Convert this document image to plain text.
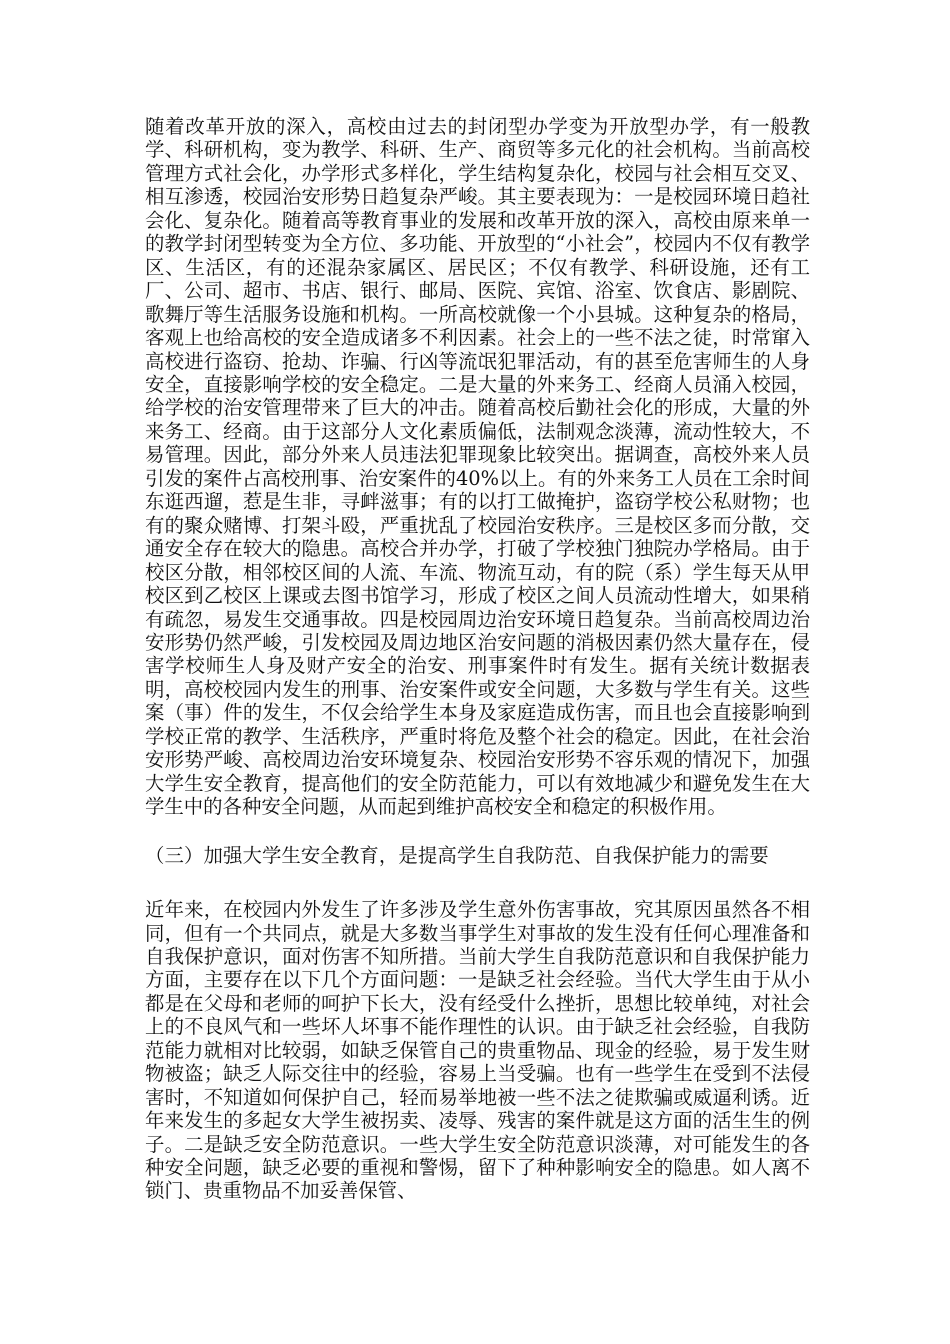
随着改革开放的深入，高校由过去的封闭型办学变为开放型办学，有一般教学、科研机构，变为教学、科研、生产、商贸等多元化的社会机构。当前高校管理方式社会化，办学形式多样化，学生结构复杂化，校园与社会相互交叉、相互渗透，校园治安形势日趋复杂严峻。其主要表现为：一是校园环境日趋社会化、复杂化。随着高等教育事业的发展和改革开放的深入，高校由原来单一的教学封闭型转变为全方位、多功能、开放型的“小社会”，校园内不仅有教学区、生活区，有的还混杂家属区、居民区；不仅有教学、科研设施，还有工厂、公司、超市、书店、银行、邮局、医院、宾馆、浴室、饮食店、影剧院、歌舞厅等生活服务设施和机构。一所高校就像一个小县城。这种复杂的格局，客观上也给高校的安全造成诸多不利因素。社会上的一些不法之徒，时常窜入高校进行盗窃、抢劫、诈骗、行凶等流氓犯罪活动，有的甚至危害师生的人身安全，直接影响学校的安全稳定。二是大量的外来务工、经商人员涌入校园，给学校的治安管理带来了巨大的冲击。随着高校后勤社会化的形成，大量的外来务工、经商。由于这部分人文化素质偏低，法制观念淡薄，流动性较大，不易管理。因此，部分外来人员违法犯罪现象比较突出。据调查，高校外来人员引发的案件占高校刑事、治安案件的40%以上。有的外来务工人员在工余时间东逛西遛，惹是生非，寻衅滋事；有的以打工做掩护，盗窃学校公私财物；也有的聚众赌博、打架斗殴，严重扰乱了校园治安秩序。三是校区多而分散，交通安全存在较大的隐患。高校合并办学，打破了学校独门独院办学格局。由于校区分散，相邻校区间的人流、车流、物流互动，有的院（系）学生每天从甲校区到乙校区上课或去图书馆学习，形成了校区之间人员流动性增大，如果稍有疏忽，易发生交通事故。四是校园周边治安环境日趋复杂。当前高校周边治安形势仍然严峻，引发校园及周边地区治安问题的消极因素仍然大量存在，侵害学校师生人身及财产安全的治安、刑事案件时有发生。据有关统计数据表明，高校校园内发生的刑事、治安案件或安全问题，大多数与学生有关。这些案（事）件的发生，不仅会给学生本身及家庭造成伤害，而且也会直接影响到学校正常的教学、生活秩序，严重时将危及整个社会的稳定。因此，在社会治安形势严峻、高校周边治安环境复杂、校园治安形势不容乐观的情况下，加强大学生安全教育，提高他们的安全防范能力，可以有效地减少和避免发生在大学生中的各种安全问题，从而起到维护高校安全和稳定的积极作用。

（三）加强大学生安全教育，是提高学生自我防范、自我保护能力的需要

近年来，在校园内外发生了许多涉及学生意外伤害事故，究其原因虽然各不相同，但有一个共同点，就是大多数当事学生对事故的发生没有任何心理准备和自我保护意识，面对伤害不知所措。当前大学生自我防范意识和自我保护能力方面，主要存在以下几个方面问题：一是缺乏社会经验。当代大学生由于从小都是在父母和老师的呵护下长大，没有经受什么挫折，思想比较单纯，对社会上的不良风气和一些坏人坏事不能作理性的认识。由于缺乏社会经验，自我防范能力就相对比较弱，如缺乏保管自己的贵重物品、现金的经验，易于发生财物被盗；缺乏人际交往中的经验，容易上当受骗。也有一些学生在受到不法侵害时，不知道如何保护自己，轻而易举地被一些不法之徒欺骗或威逼利诱。近年来发生的多起女大学生被拐卖、凌辱、残害的案件就是这方面的活生生的例子。二是缺乏安全防范意识。一些大学生安全防范意识淡薄，对可能发生的各种安全问题，缺乏必要的重视和警惕，留下了种种影响安全的隐患。如人离不锁门、贵重物品不加妥善保管、
